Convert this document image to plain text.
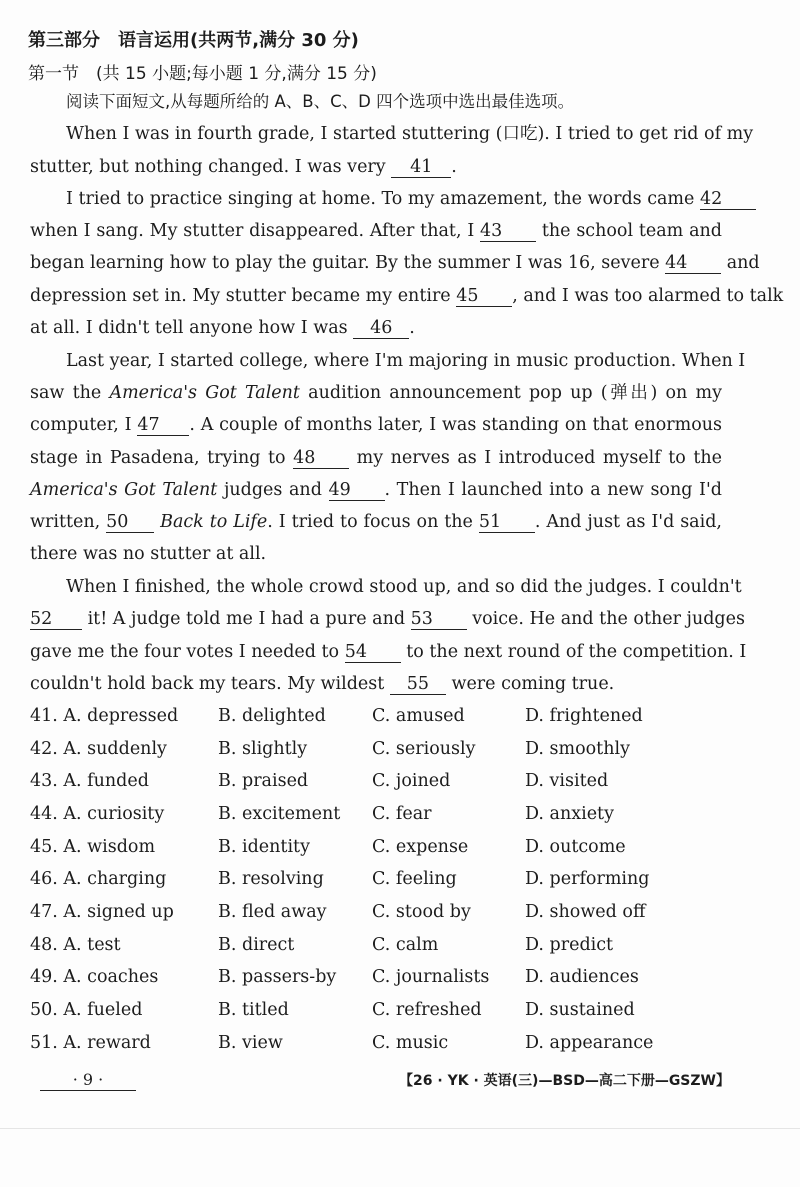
第三部分　语言运用(共两节,满分 30 分)
第一节　(共 15 小题;每小题 1 分,满分 15 分)
阅读下面短文,从每题所给的 A、B、C、D 四个选项中选出最佳选项。
When I was in fourth grade, I started stuttering (口吃). I tried to get rid of my
stutter, but nothing changed. I was very 41 .
I tried to practice singing at home. To my amazement, the words came 42
when I sang. My stutter disappeared. After that, I 43 the school team and
began learning how to play the guitar. By the summer I was 16, severe 44 and
depression set in. My stutter became my entire 45 , and I was too alarmed to talk
at all. I didn't tell anyone how I was 46 .
Last year, I started college, where I'm majoring in music production. When I
saw the America's Got Talent audition announcement pop up (弹出) on my
computer, I 47 . A couple of months later, I was standing on that enormous
stage in Pasadena, trying to 48 my nerves as I introduced myself to the
America's Got Talent judges and 49 . Then I launched into a new song I'd
written, 50 Back to Life. I tried to focus on the 51 . And just as I'd said,
there was no stutter at all.
When I finished, the whole crowd stood up, and so did the judges. I couldn't
52 it! A judge told me I had a pure and 53 voice. He and the other judges
gave me the four votes I needed to 54 to the next round of the competition. I
couldn't hold back my tears. My wildest 55 were coming true.
41. A. depressed B. delighted	C. amused	D. frightened
42. A. suddenly	B. slightly	C. seriously	D. smoothly
43. A. funded	B. praised	C. joined	D. visited
44. A. curiosity	B. excitement C. fear	D. anxiety
45. A. wisdom	B. identity	C. expense	D. outcome
46. A. charging	B. resolving	C. feeling	D. performing
47. A. signed up	B. fled away	C. stood by	D. showed off
48. A. test	B. direct	C. calm	D. predict
49. A. coaches	B. passers-by C. journalists D. audiences
50. A. fueled	B. titled	C. refreshed D. sustained
51. A. reward	B. view	C. music	D. appearance
· 9 ·	【26 · YK · 英语(三)—BSD—高二下册—GSZW】
